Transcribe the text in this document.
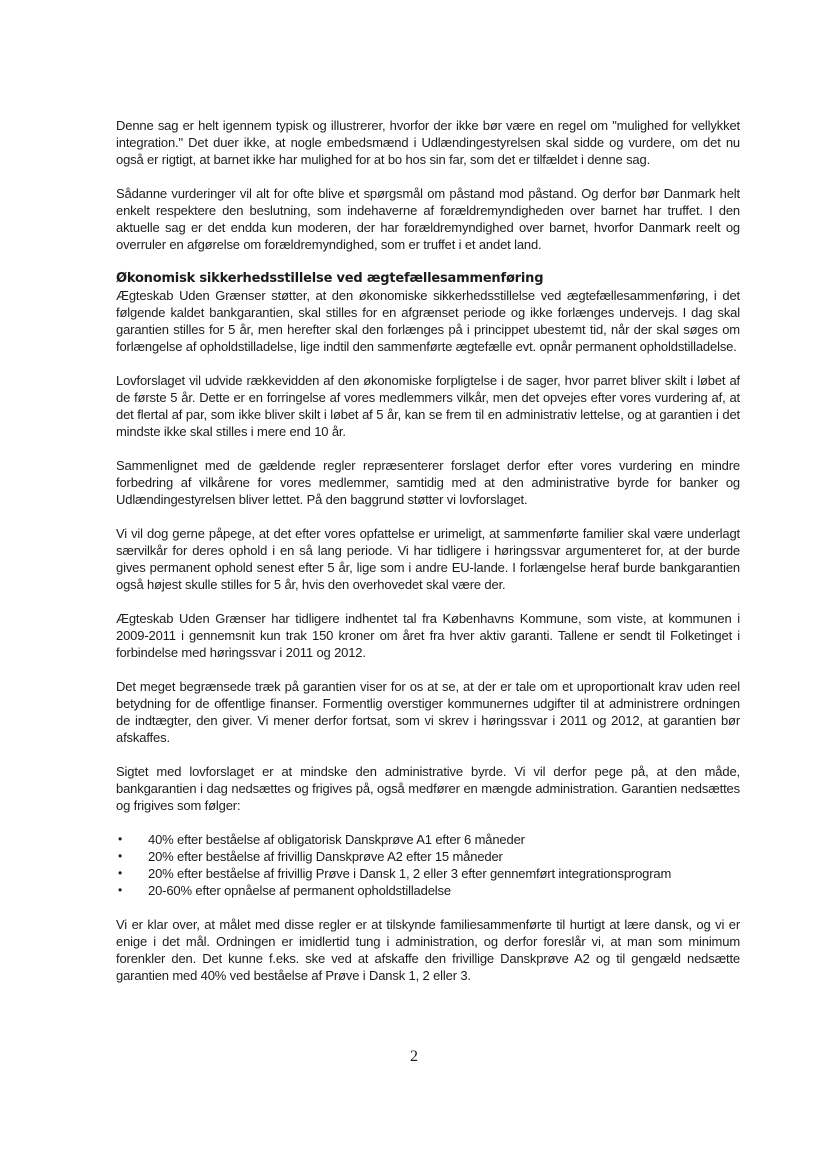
Denne sag er helt igennem typisk og illustrerer, hvorfor der ikke bør være en regel om "mulighed for vellykket integration." Det duer ikke, at nogle embedsmænd i Udlændingestyrelsen skal sidde og vurdere, om det nu også er rigtigt, at barnet ikke har mulighed for at bo hos sin far, som det er tilfældet i denne sag.

Sådanne vurderinger vil alt for ofte blive et spørgsmål om påstand mod påstand. Og derfor bør Danmark helt enkelt respektere den beslutning, som indehaverne af forældremyndigheden over barnet har truffet. I den aktuelle sag er det endda kun moderen, der har forældremyndighed over barnet, hvorfor Danmark reelt og overruler en afgørelse om forældremyndighed, som er truffet i et andet land.

Økonomisk sikkerhedsstillelse ved ægtefællesammenføring

Ægteskab Uden Grænser støtter, at den økonomiske sikkerhedsstillelse ved ægtefællesammenføring, i det følgende kaldet bankgarantien, skal stilles for en afgrænset periode og ikke forlænges undervejs. I dag skal garantien stilles for 5 år, men herefter skal den forlænges på i princippet ubestemt tid, når der skal søges om forlængelse af opholdstilladelse, lige indtil den sammenførte ægtefælle evt. opnår permanent opholdstilladelse.

Lovforslaget vil udvide rækkevidden af den økonomiske forpligtelse i de sager, hvor parret bliver skilt i løbet af de første 5 år. Dette er en forringelse af vores medlemmers vilkår, men det opvejes efter vores vurdering af, at det flertal af par, som ikke bliver skilt i løbet af 5 år, kan se frem til en administrativ lettelse, og at garantien i det mindste ikke skal stilles i mere end 10 år.

Sammenlignet med de gældende regler repræsenterer forslaget derfor efter vores vurdering en mindre forbedring af vilkårene for vores medlemmer, samtidig med at den administrative byrde for banker og Udlændingestyrelsen bliver lettet. På den baggrund støtter vi lovforslaget.

Vi vil dog gerne påpege, at det efter vores opfattelse er urimeligt, at sammenførte familier skal være underlagt særvilkår for deres ophold i en så lang periode. Vi har tidligere i høringssvar argumenteret for, at der burde gives permanent ophold senest efter 5 år, lige som i andre EU-lande. I forlængelse heraf burde bankgarantien også højest skulle stilles for 5 år, hvis den overhovedet skal være der.

Ægteskab Uden Grænser har tidligere indhentet tal fra Københavns Kommune, som viste, at kommunen i 2009-2011 i gennemsnit kun trak 150 kroner om året fra hver aktiv garanti. Tallene er sendt til Folketinget i forbindelse med høringssvar i 2011 og 2012.

Det meget begrænsede træk på garantien viser for os at se, at der er tale om et uproportionalt krav uden reel betydning for de offentlige finanser. Formentlig overstiger kommunernes udgifter til at administrere ordningen de indtægter, den giver. Vi mener derfor fortsat, som vi skrev i høringssvar i 2011 og 2012, at garantien bør afskaffes.

Sigtet med lovforslaget er at mindske den administrative byrde. Vi vil derfor pege på, at den måde, bankgarantien i dag nedsættes og frigives på, også medfører en mængde administration. Garantien nedsættes og frigives som følger:

• 40% efter beståelse af obligatorisk Danskprøve A1 efter 6 måneder
• 20% efter beståelse af frivillig Danskprøve A2 efter 15 måneder
• 20% efter beståelse af frivillig Prøve i Dansk 1, 2 eller 3 efter gennemført integrationsprogram
• 20-60% efter opnåelse af permanent opholdstilladelse

Vi er klar over, at målet med disse regler er at tilskynde familiesammenførte til hurtigt at lære dansk, og vi er enige i det mål. Ordningen er imidlertid tung i administration, og derfor foreslår vi, at man som minimum forenkler den. Det kunne f.eks. ske ved at afskaffe den frivillige Danskprøve A2 og til gengæld nedsætte garantien med 40% ved beståelse af Prøve i Dansk 1, 2 eller 3.

2
